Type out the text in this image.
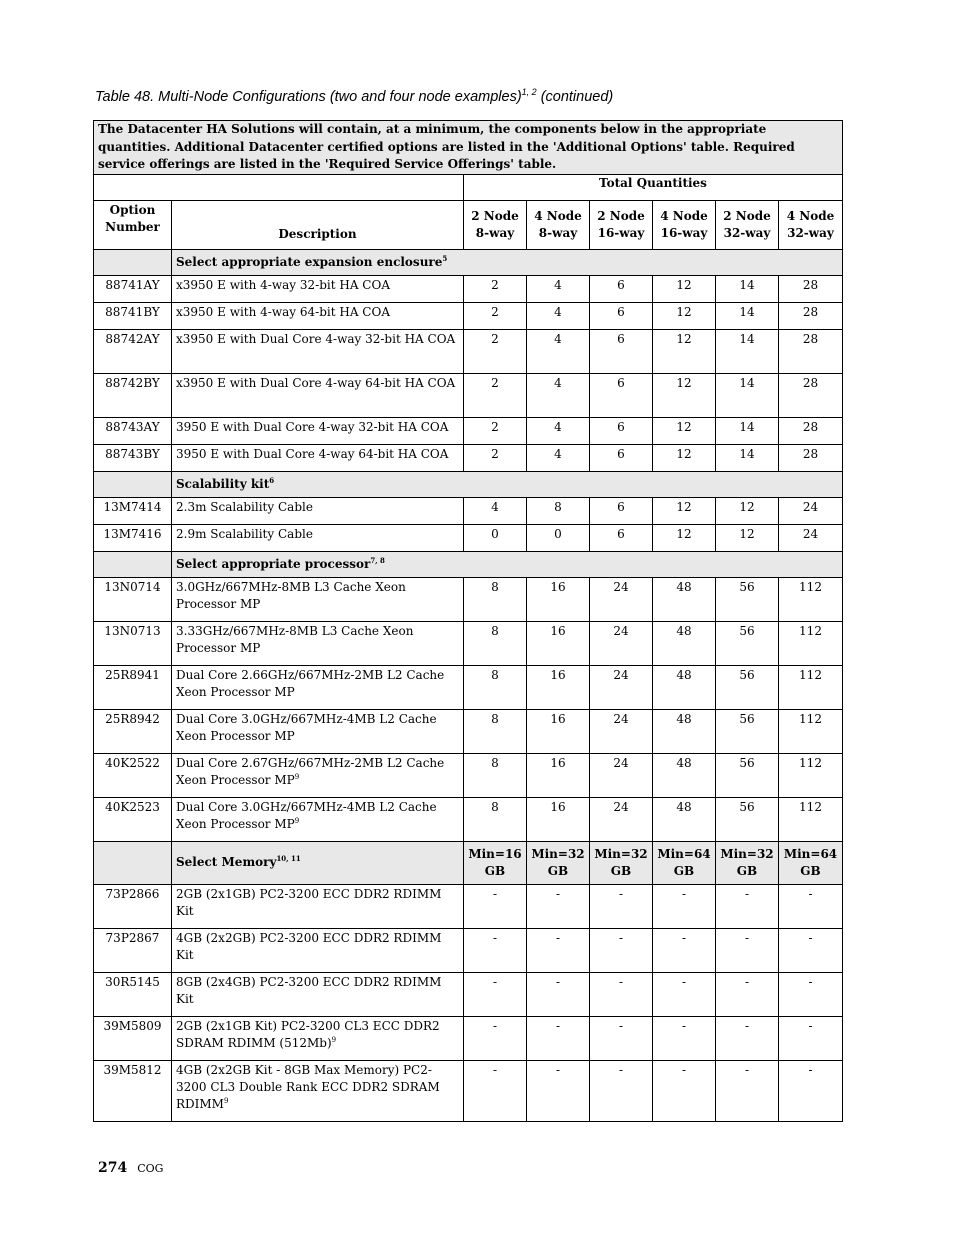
Table 48. Multi-Node Configurations (two and four node examples)$^{1, 2}$ (continued)
The Datacenter HA Solutions will contain, at a minimum, the components below in the appropriate quantities. Additional Datacenter certified options are listed in the 'Additional Options' table. Required service offerings are listed in the 'Required Service Offerings' table.							
		Total Quantities					
Option Number	Description	2 Node 8-way	4 Node 8-way	2 Node 16-way	4 Node 16-way	2 Node 32-way	4 Node 32-way
	Select appropriate expansion enclosure$^5$
88741AY	x3950 E with 4-way 32-bit HA COA	2	4	6	12	14	28
88741BY	x3950 E with 4-way 64-bit HA COA	2	4	6	12	14	28
88742AY	x3950 E with Dual Core 4-way 32-bit HA COA	2	4	6	12	14	28
88742BY	x3950 E with Dual Core 4-way 64-bit HA COA	2	4	6	12	14	28
88743AY	3950 E with Dual Core 4-way 32-bit HA COA	2	4	6	12	14	28
88743BY	3950 E with Dual Core 4-way 64-bit HA COA	2	4	6	12	14	28
	Scalability kit$^6$
13M7414	2.3m Scalability Cable	4	8	6	12	12	24
13M7416	2.9m Scalability Cable	0	0	6	12	12	24
	Select appropriate processor$^{7, 8}$
13N0714	3.0GHz/667MHz-8MB L3 Cache Xeon Processor MP	8	16	24	48	56	112
13N0713	3.33GHz/667MHz-8MB L3 Cache Xeon Processor MP	8	16	24	48	56	112
25R8941	Dual Core 2.66GHz/667MHz-2MB L2 Cache Xeon Processor MP	8	16	24	48	56	112
25R8942	Dual Core 3.0GHz/667MHz-4MB L2 Cache Xeon Processor MP	8	16	24	48	56	112
40K2522	Dual Core 2.67GHz/667MHz-2MB L2 Cache Xeon Processor $MP^9$	8	16	24	48	56	112
40K2523	Dual Core 3.0GHz/667MHz-4MB L2 Cache Xeon Processor $MP^9$	8	16	24	48	56	112
	Select Memory$^{10, 11}$	Min=16 GB	Min=32 GB	Min=32 GB	Min=64 GB	Min=32 GB	Min=64 GB
73P2866	2GB (2x1GB) PC2-3200 ECC DDR2 RDIMM Kit	-	-	-	-	-	-
73P2867	4GB (2x2GB) PC2-3200 ECC DDR2 RDIMM Kit	-	-	-	-	-	-
30R5145	8GB (2x4GB) PC2-3200 ECC DDR2 RDIMM Kit	-	-	-	-	-	-
39M5809	2GB (2x1GB Kit) PC2-3200 CL3 ECC DDR2 SDRAM RDIMM $(512Mb)^9$	-	-	-	-	-	-
39M5812	4GB (2x2GB Kit - 8GB Max Memory) PC2-3200 CL3 Double Rank ECC DDR2 SDRAM RDIMM$^9$	-	-	-	-	-	-
274 COG
